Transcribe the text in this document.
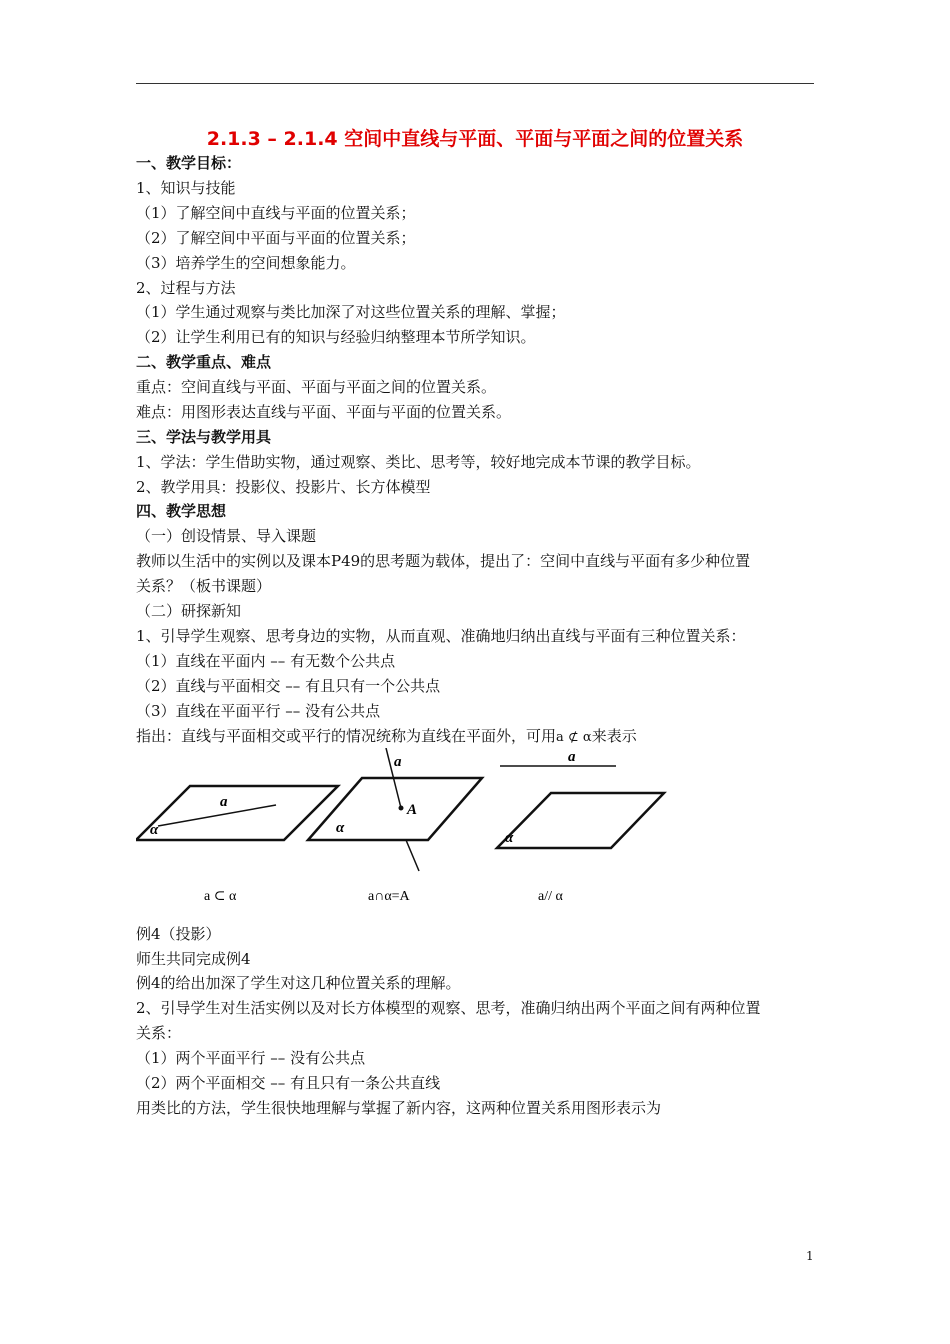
2.1.3 – 2.1.4 空间中直线与平面、平面与平面之间的位置关系
一、教学目标：
1、知识与技能
（1）了解空间中直线与平面的位置关系；
（2）了解空间中平面与平面的位置关系；
（3）培养学生的空间想象能力。
2、过程与方法
（1）学生通过观察与类比加深了对这些位置关系的理解、掌握；
（2）让学生利用已有的知识与经验归纳整理本节所学知识。
二、教学重点、难点
重点：空间直线与平面、平面与平面之间的位置关系。
难点：用图形表达直线与平面、平面与平面的位置关系。
三、学法与教学用具
1、学法：学生借助实物，通过观察、类比、思考等，较好地完成本节课的教学目标。
2、教学用具：投影仪、投影片、长方体模型
四、教学思想
（一）创设情景、导入课题
教师以生活中的实例以及课本P49的思考题为载体，提出了：空间中直线与平面有多少种位置
关系？（板书课题）
（二）研探新知
1、引导学生观察、思考身边的实物，从而直观、准确地归纳出直线与平面有三种位置关系：
（1）直线在平面内 –– 有无数个公共点
（2）直线与平面相交 –– 有且只有一个公共点
（3）直线在平面平行 –– 没有公共点
指出：直线与平面相交或平行的情况统称为直线在平面外，可用a ⊄ α来表示
a
α
a
A
α
a
α
a ⊂ α	a∩α=A	a// α
例4（投影）
师生共同完成例4
例4的给出加深了学生对这几种位置关系的理解。
2、引导学生对生活实例以及对长方体模型的观察、思考，准确归纳出两个平面之间有两种位置
关系：
（1）两个平面平行 –– 没有公共点
（2）两个平面相交 –– 有且只有一条公共直线
用类比的方法，学生很快地理解与掌握了新内容，这两种位置关系用图形表示为
1
